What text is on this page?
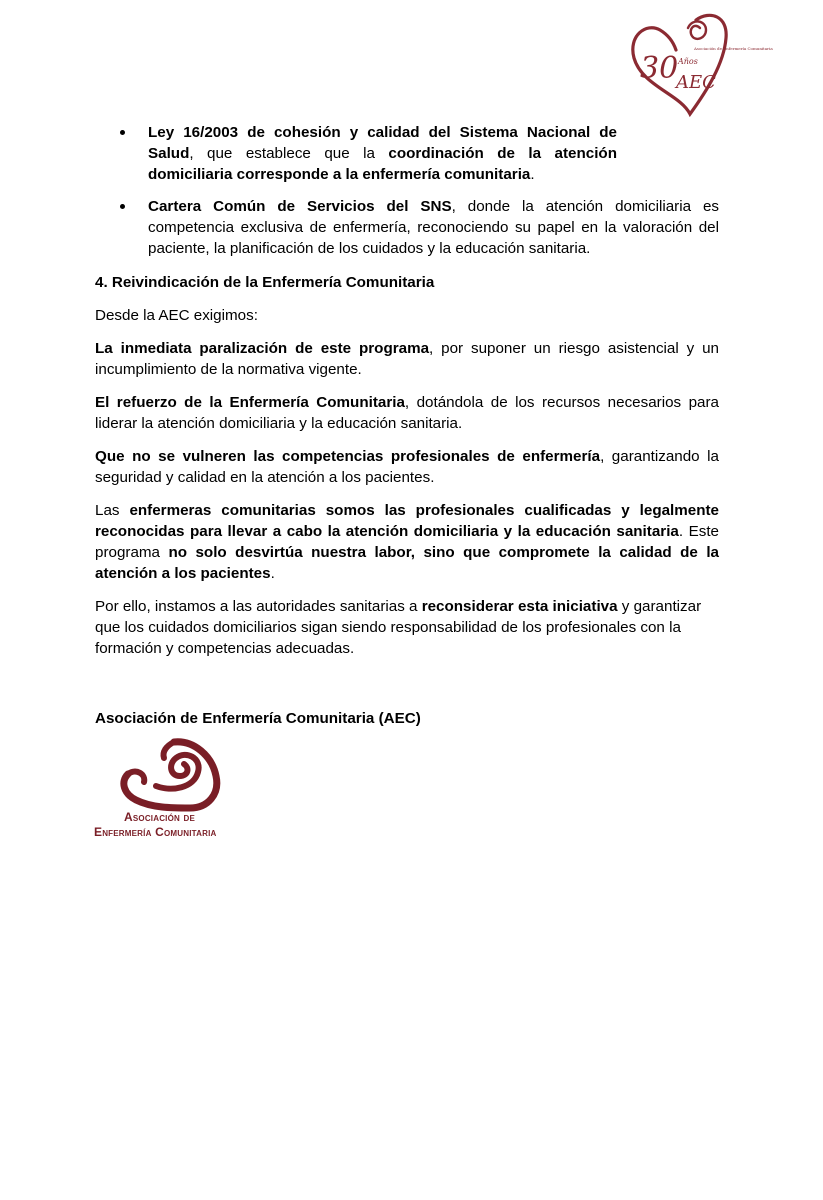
Asociación de Enfermería Comunitaria
30 Años
AEC
Ley 16/2003 de cohesión y calidad del Sistema Nacional de Salud, que establece que la coordinación de la atención domiciliaria corresponde a la enfermería comunitaria.
Cartera Común de Servicios del SNS, donde la atención domiciliaria es competencia exclusiva de enfermería, reconociendo su papel en la valoración del paciente, la planificación de los cuidados y la educación sanitaria.
4. Reivindicación de la Enfermería Comunitaria

Desde la AEC exigimos:

La inmediata paralización de este programa, por suponer un riesgo asistencial y un incumplimiento de la normativa vigente.

El refuerzo de la Enfermería Comunitaria, dotándola de los recursos necesarios para liderar la atención domiciliaria y la educación sanitaria.

Que no se vulneren las competencias profesionales de enfermería, garantizando la seguridad y calidad en la atención a los pacientes.

Las enfermeras comunitarias somos las profesionales cualificadas y legalmente reconocidas para llevar a cabo la atención domiciliaria y la educación sanitaria. Este programa no solo desvirtúa nuestra labor, sino que compromete la calidad de la atención a los pacientes.

Por ello, instamos a las autoridades sanitarias a reconsiderar esta iniciativa y garantizar que los cuidados domiciliarios sigan siendo responsabilidad de los profesionales con la formación y competencias adecuadas.

Asociación de Enfermería Comunitaria (AEC)
Asociación de
Enfermería Comunitaria
